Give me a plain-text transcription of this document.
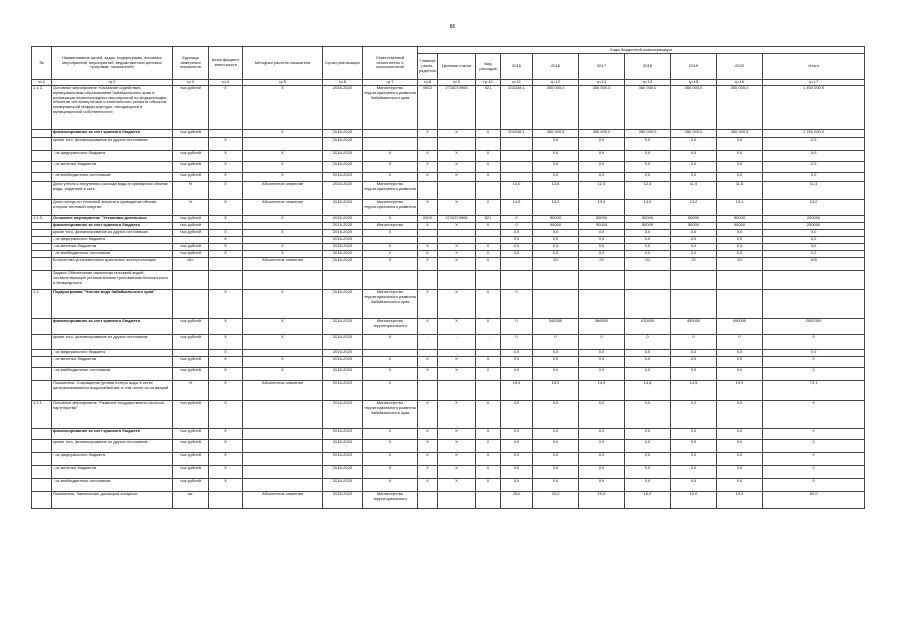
86
№	Наименование целей, задач, подпрограмм, основных мероприятий, мероприятий, ведомственных целевых программ, показателей	Единица измерения показателя	Коэф-фициент значи-мости	Методика расчета показателя	Сроки реализации	Ответственный исполнитель и соисполнители	Коды бюджетной классификации									
							Главный распо-рядитель	Целевая статья	Вид расходов	2015	2016	2017	2018	2019	2020	Итого
гр.1	гр.2	гр.3	гр.4	гр.5	гр.6	гр.7	гр.8	гр.9	гр.10	гр.11	гр.12	гр.13	гр.14	гр.15	гр.16	гр.17
1.1.2.	Основное мероприятие «Оказание содействия муниципальным образованиям Забайкальского края в реализации первоочередных мероприятий по модернизации объектов теплоэнергетики и капитального ремонта объектов коммунальной инфраструктуры, находящихся в муниципальной собственности»	тыс.рублей	Х	Х	2016-2020	Министерство территориального развития Забайкальского края	0502	2710074905	521	202248,1	350 000,0	350 000,0	350 000,0	350 000,0	350 000,0	1 400 000,0
	финансирование за счет краевого бюджета	тыс.рублей		Х	2016-2020		Х	Х	Х	202248,1	350 000,0	350 000,0	350 000,0	350 000,0	350 000,0	1 750 000,0
	кроме того, финансирование из других источников:		Х		2016-2020						0,0	0,0	0,0	0,0	0,0	0,0
	- из федерального бюджета	тыс.рублей	Х	Х	2016-2020	Х	Х	Х	Х		0,0	0,0	0,0	0,0	0,0	0,0
	- из местных бюджетов	тыс.рублей	Х	Х	2016-2020	Х	Х	Х	Х		0,0	0,0	0,0	0,0	0,0	0,0
	- из внебюджетных источников	тыс.рублей	Х	Х	2016-2020	Х	Х	Х	Х		0,0	0,0	0,0	0,0	0,0	0,0
	Доля утечек и нерутевого расхода воды в суммарном объеме воды, поданной в сеть	%	Х	Абсолютное значение	2016-2020	Министерство территориального развития				14,0	13,8	12,5	12,4	11,9	11,6	11,3
	Доля потерь по тепловой энергии в суммарном объеме отпуска тепловой энергии	%	Х	Абсолютное значение	2016-2020	Министерство территориального развития	Х	Х	Х	14,5	14,2	13,9	13,6	13,2	13,1	13,0
1.1.3.	Основное мероприятие "Установка дизельных	тыс.рублей	Х	Х	2016-2020	Х	0502	2710374906	521	0	50000	50000	50000	50000	50000	250000
	финансирование за счет краевого бюджета	тыс.рублей			2016-2020	Министерство	Х	Х	Х	0	50000	50000	50000	50000	50000	250000
	кроме того, финансирование из других источников:	тыс.рублей	Х	Х	2016-2020	Х				0,0	0,0	0,0	0,0	0,0	0,0	0,0
	- из федерального бюджета		Х		2016-2020					0,0	0,0	0,0	0,0	0,0	0,0	0,0
	- из местных бюджетов	тыс.рублей	Х	Х	2016-2020	Х	Х	Х	Х	0,0	0,0	0,0	0,0	0,0	0,0	0,0
	- из внебюджетных источников	тыс.рублей	Х	Х	2016-2020	Х	Х	Х	Х	0,0	0,0	0,0	0,0	0,0	0,0	0,0
	Количество установленных дизельных электростанций	Шт.		Абсолютное значение	2016-2020	Х	Х	Х	Х		20	20	20	20	20	100
	Задача Обеспечение населения питьевой водой, соответствующей установленным требованиям безопасности и безвредности															
1.2.	Подпрограмма "Чистая вода Забайкальского края"		Х	Х	2016-2020	Министерство территориального развития Забайкальского края	Х	Х	Х	0						
	финансирование за счет краевого бюджета	тыс.рублей	Х	Х	2016-2020	Министерство территориального	Х	Х	Х	0	345300	386500	410500	450000	490000	2082300
	кроме того, финансирование из других источников:	тыс.рублей	Х	Х	2016-2020	Х	-	-	-	0	0	0	0	0	0	0
	- из федерального бюджета		Х		2016-2020					0,0	0,0	0,0	0,0	0,0	0,0	0,0
	- из местных бюджетов	тыс.рублей	Х	Х	2016-2020	Х	Х	Х	Х	0,0	0,0	0,0	0,0	0,0	0,0	0
	- из внебюджетных источников	тыс.рублей	Х	Х	2016-2020	Х	Х	Х	Х	0,0	0,0	0,0	0,0	0,0	0,0	0
	Показатель: Сокращение уровня потерь воды в сетях централизованного водоснабжения, в том числе из-за аварий	%	Х	Абсолютное значение	2016-2020	Х				15,5	15,2	14,9	14,6	14,5	13,9	73,1
1.2.1.	Основное мероприятие "Развитие государственно-частного партнерства"	тыс.рублей	Х		2016-2020	Министерство территориального развития Забайкальского края	Х	Х	Х	0,0	0,0	0,0	0,0	0,0	0,0	0
	финансирование за счет краевого бюджета	тыс.рублей	Х		2016-2020	Х	Х	Х	Х	0,0	0,0	0,0	0,0	0,0	0,0	0
	кроме того, финансирование из других источников:	тыс.рублей	Х		2016-2020	Х	Х	Х	Х	0,0	0,0	0,0	0,0	0,0	0,0	0
	- из федерального бюджета	тыс.рублей	Х		2016-2020	Х	Х	Х	Х	0,0	0,0	0,0	0,0	0,0	0,0	0
	- из местных бюджетов	тыс.рублей	Х		2016-2020	Х	Х	Х	Х	0,0	0,0	0,0	0,0	0,0	0,0	0
	- из внебюджетных источников	тыс.рублей	Х		2016-2020	Х	Х	Х	Х	0,0	0,0	0,0	0,0	0,0	0,0	0
	Показатель: Заключение договоров концесси	шт.		Абсолютное значение	2016-2020	Министерство территориального				25,0	20,0	10,0	10,0	10,0	10,0	60,0
